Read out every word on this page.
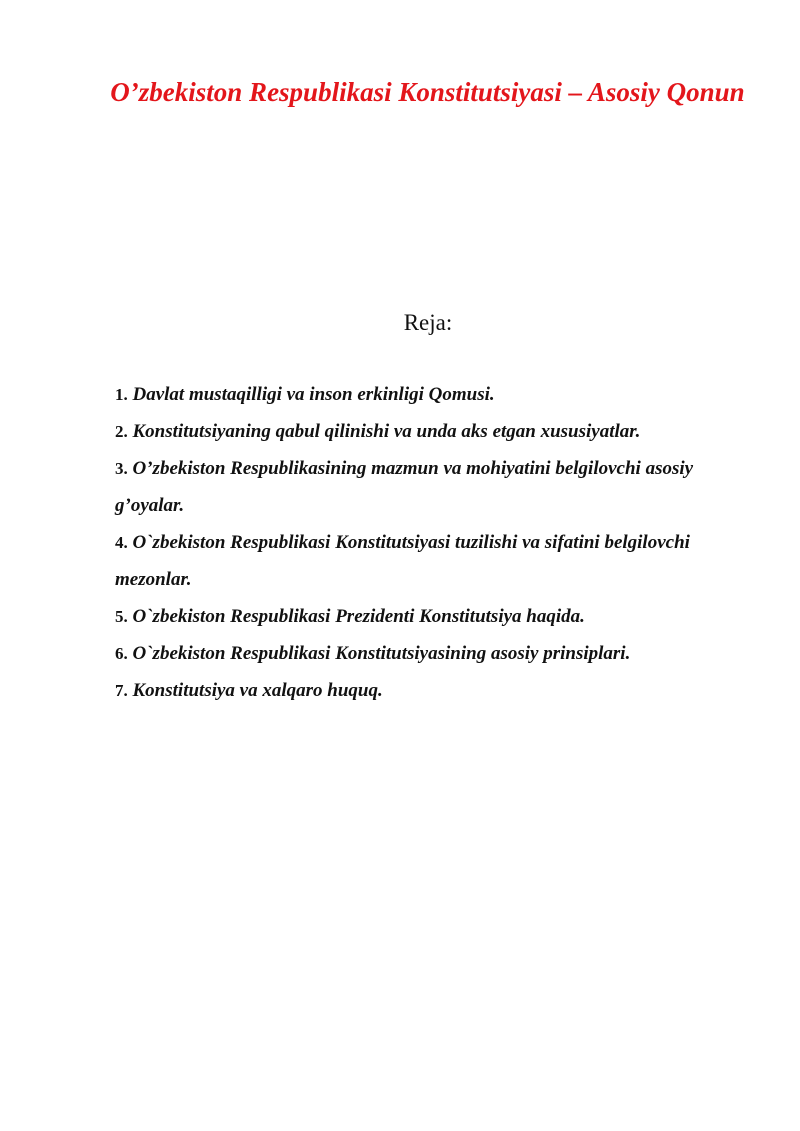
O’zbekiston Respublikasi Konstitutsiyasi – Asosiy Qonun
Reja:
1. Davlat mustaqilligi va inson erkinligi Qomusi.
2. Konstitutsiyaning qabul qilinishi va unda aks etgan xususiyatlar.
3. O’zbekiston Respublikasining mazmun va mohiyatini belgilovchi asosiy g’oyalar.
4. O`zbekiston Respublikasi Konstitutsiyasi tuzilishi va sifatini belgilovchi mezonlar.
5. O`zbekiston Respublikasi Prezidenti Konstitutsiya haqida.
6. O`zbekiston Respublikasi Konstitutsiyasining asosiy prinsiplari.
7. Konstitutsiya va xalqaro huquq.
